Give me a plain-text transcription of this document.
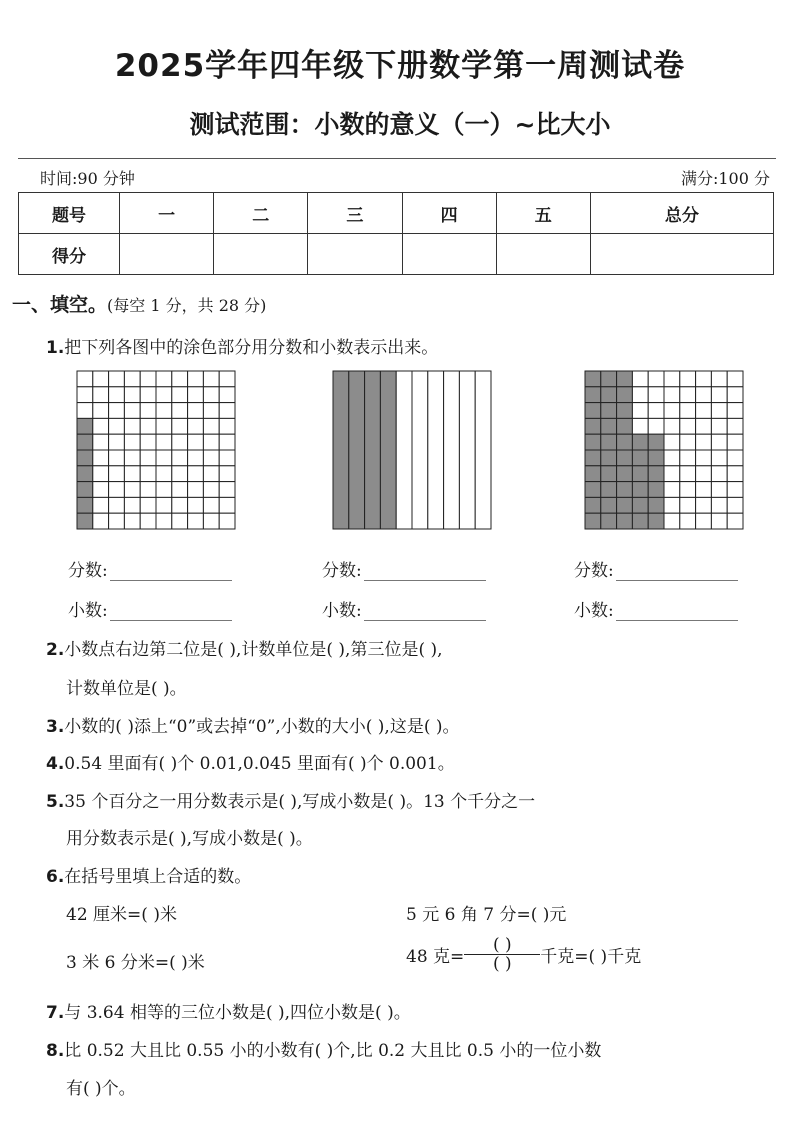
2025学年四年级下册数学第一周测试卷
测试范围：小数的意义（一）~比大小
时间:90 分钟	满分:100 分
题号	一	二	三	四	五	总分
得分						
一、填空。(每空 1 分，共 28 分)
1.把下列各图中的涂色部分用分数和小数表示出来。
分数:
小数:
分数:
小数:
分数:
小数:
2.小数点右边第二位是( ),计数单位是( ),第三位是( ),
计数单位是( )。
3.小数的( )添上“0”或去掉“0”,小数的大小( ),这是( )。
4.0.54 里面有( )个 0.01,0.045 里面有( )个 0.001。
5.35 个百分之一用分数表示是( ),写成小数是( )。13 个千分之一
用分数表示是( ),写成小数是( )。
6.在括号里填上合适的数。
42 厘米=( )米	5 元 6 角 7 分=( )元
3 米 6 分米=( )米	48 克= $\frac{( )}{( )}$ 千克=( )千克
7.与 3.64 相等的三位小数是( ),四位小数是( )。
8.比 0.52 大且比 0.55 小的小数有( )个,比 0.2 大且比 0.5 小的一位小数
有( )个。
